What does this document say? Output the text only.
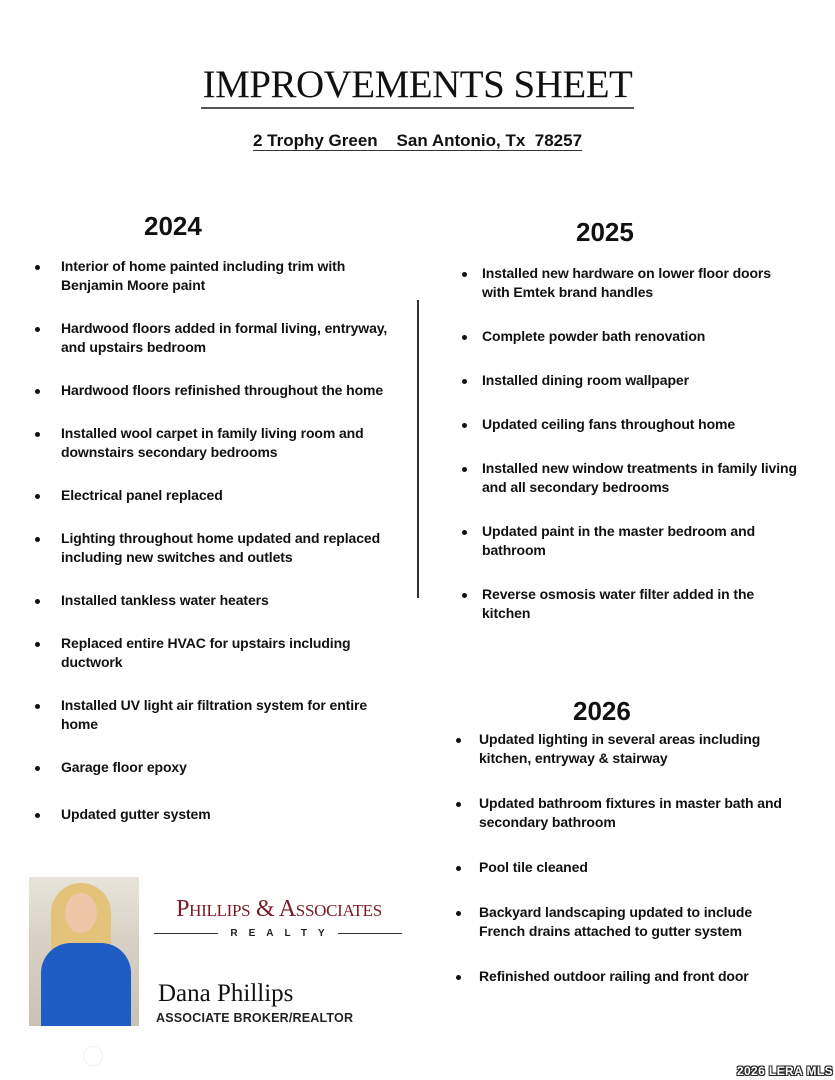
IMPROVEMENTS SHEET
2 Trophy Green    San Antonio, Tx  78257
2024
Interior of home painted including trim with Benjamin Moore paint
Hardwood floors added in formal living, entryway, and upstairs bedroom
Hardwood floors refinished throughout the home
Installed wool carpet in family living room and downstairs secondary bedrooms
Electrical panel replaced
Lighting throughout home updated and replaced including new switches and outlets
Installed tankless water heaters
Replaced entire HVAC for upstairs including ductwork
Installed UV light air filtration system for entire home
Garage floor epoxy
Updated gutter system
2025
Installed new hardware on lower floor doors with Emtek brand handles
Complete powder bath renovation
Installed dining room wallpaper
Updated ceiling fans throughout home
Installed new window treatments in family living and all secondary bedrooms
Updated paint in the master bedroom and bathroom
Reverse osmosis water filter added in the kitchen
2026
Updated lighting in several areas including kitchen, entryway & stairway
Updated bathroom fixtures in master bath and secondary bathroom
Pool tile cleaned
Backyard landscaping updated to include French drains attached to gutter system
Refinished outdoor railing and front door
Phillips & Associates
REALTY
Dana Phillips
ASSOCIATE BROKER/REALTOR
2026 LERA MLS
